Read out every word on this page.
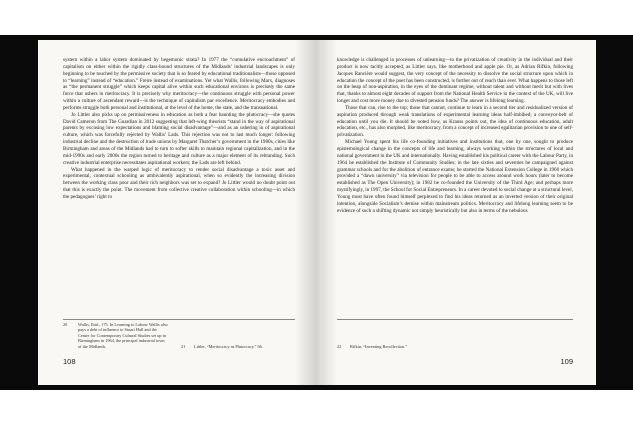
system within a labor system dominated by hegemonic strata? In 1977 the “cumulative encroachment” of capitalism on either within the rigidly class-bound structures of the Midlands’ industrial landscapes is only beginning to be touched by the permissive society that is so feared by educational traditionalists—those opposed to “learning” instead of “education.” Freire instead of examinations. Yet what Wallis, following Marx, diagnoses as “the permanent struggle” which keeps capital alive within such educational environs is precisely the same force that ushers in meritocracy. It is precisely why meritocracy—the continuous struggle with personal power within a culture of ascendant reward—is the technique of capitalism par excellence. Meritocracy embodies and performs struggle both personal and institutional, at the level of the home, the state, and the transnational.

Jo Littler also picks up on permissiveness in education as both a fear haunting the plutocracy—she quotes David Cameron from The Guardian in 2012 suggesting that left-wing theorists “stand in the way of aspirational parents by excusing low expectations and blaming social disadvantage”—and as an ushering in of aspirational culture, which was forcefully rejected by Wallis’ Lads. This rejection was not to last much longer: following industrial decline and the destruction of trade unions by Margaret Thatcher’s government in the 1980s, cities like Birmingham and areas of the Midlands had to turn to softer skills to maintain regional capitalization, and in the mid-1990s and early 2000s the region turned to heritage and culture as a major element of its rebranding. Such creative industrial enterprise necessitates aspirational workers; the Lads are left behind.

What happened in the warped logic of meritocracy to render social disadvantage a toxic asset and experimental, contextual schooling as ambivalently aspirational, when so evidently the increasing division between the working class poor and their rich neighbors was set to expand? Jo Littler would no doubt point out that this is exactly the point. The movement from collective creative collaboration within schooling—in which the pedagogues’ right to

20 Wallis, Ibid., 175. In Learning to Labour Wallis also pays a debt of influence to Stuart Hall and the Centre for Contemporary Cultural Studies set up in Birmingham in 1964, the principal industrial town of the Midlands.	21 Littler, “Meritocracy as Plutocracy,” 66.
108

knowledge is challenged in processes of unlearning—to the privatization of creativity in the individual and their product is now tacitly accepted, as Littler says, like motherhood and apple pie. Or, as Adrian Rifkin, following Jacques Rancière would suggest, the very concept of the necessity to dissolve the social structure upon which in education the concept of the poet has been constructed, is further out of reach than ever. What happens to those left on the heap of non-aspiration, in the eyes of the dominant regime, without talent and without merit but with lives that, thanks to almost eight decades of support from the National Health Service in the context of the UK, will live longer and cost more money due to divested pension funds? The answer is lifelong learning.

Those that can, rise to the top; those that cannot, continue to learn in a second tier and residualized version of aspiration produced through weak translations of experimental learning ideas half-imbibed; a conveyor-belt of education until you die. It should be noted how, as Krauss points out, the idea of continuous education, adult education, etc., has also morphed, like meritocracy, from a concept of increased egalitarian provision to one of self-privatization.

Michael Young spent his life co-founding initiatives and institutions that, one by one, sought to produce epistemological change in the concepts of life and learning, always working within the structures of local and national government in the UK and internationally. Having established his political career with the Labour Party, in 1964 he established the Institute of Community Studies; in the late sixties and seventies he campaigned against grammar schools and for the abolition of entrance exams; he started the National Extension College in 1960 which provided a “dawn university” via television for people to be able to access around work hours (later to become established as The Open University); in 1982 he co-founded the University of the Third Age; and perhaps more mystifyingly, in 1997, the School for Social Entrepreneurs. In a career devoted to social change at a structural level, Young must have often found himself perplexed to find his ideas returned as an inverted version of their original intention, alongside Socialism’s demise within mainstream politics. Meritocracy and lifelong learning seem to be evidence of such a shifting dynamic not simply heuristically but also in terms of the nebulous

22 Rifkin, “Inventing Recollection.”
109
